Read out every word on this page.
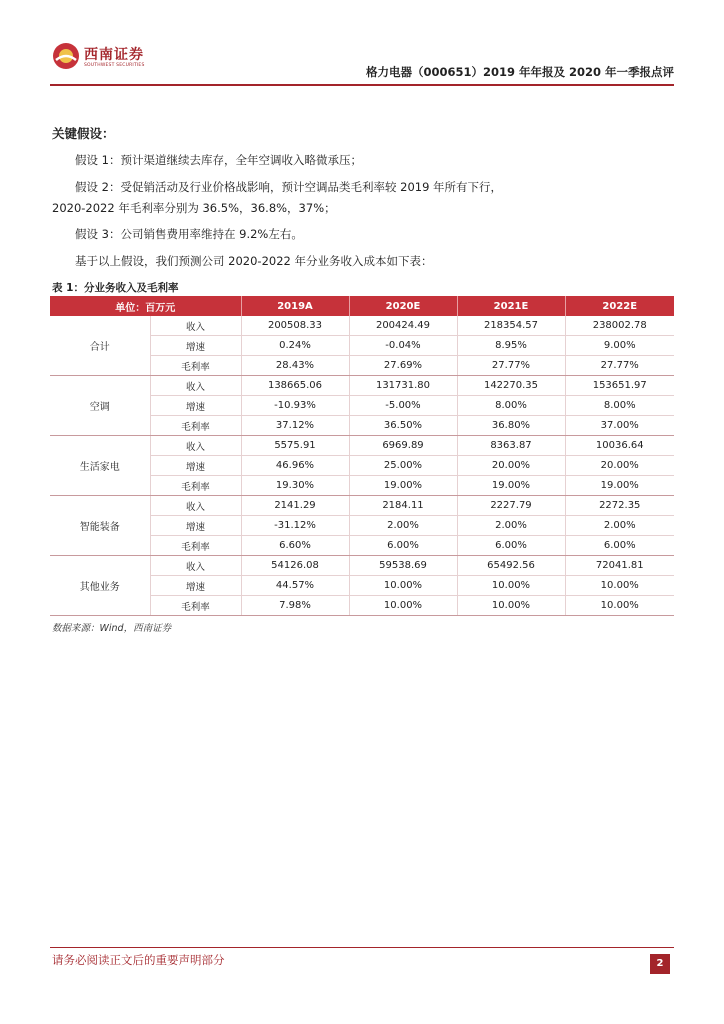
西南证券
SOUTHWEST SECURITIES	格力电器（000651）2019 年年报及 2020 年一季报点评
关键假设：
假设 1：预计渠道继续去库存，全年空调收入略微承压；
假设 2：受促销活动及行业价格战影响，预计空调品类毛利率较 2019 年所有下行，
2020-2022 年毛利率分别为 36.5%，36.8%，37%；
假设 3：公司销售费用率维持在 9.2%左右。
基于以上假设，我们预测公司 2020-2022 年分业务收入成本如下表：
表 1：分业务收入及毛利率
单位：百万元		2019A	2020E	2021E	2022E
合计	收入	200508.33	200424.49	218354.57	238002.78
	增速	0.24%	-0.04%	8.95%	9.00%
	毛利率	28.43%	27.69%	27.77%	27.77%
空调	收入	138665.06	131731.80	142270.35	153651.97
	增速	-10.93%	-5.00%	8.00%	8.00%
	毛利率	37.12%	36.50%	36.80%	37.00%
生活家电	收入	5575.91	6969.89	8363.87	10036.64
	增速	46.96%	25.00%	20.00%	20.00%
	毛利率	19.30%	19.00%	19.00%	19.00%
智能装备	收入	2141.29	2184.11	2227.79	2272.35
	增速	-31.12%	2.00%	2.00%	2.00%
	毛利率	6.60%	6.00%	6.00%	6.00%
其他业务	收入	54126.08	59538.69	65492.56	72041.81
	增速	44.57%	10.00%	10.00%	10.00%
	毛利率	7.98%	10.00%	10.00%	10.00%
数据来源：Wind，西南证券
请务必阅读正文后的重要声明部分	2
